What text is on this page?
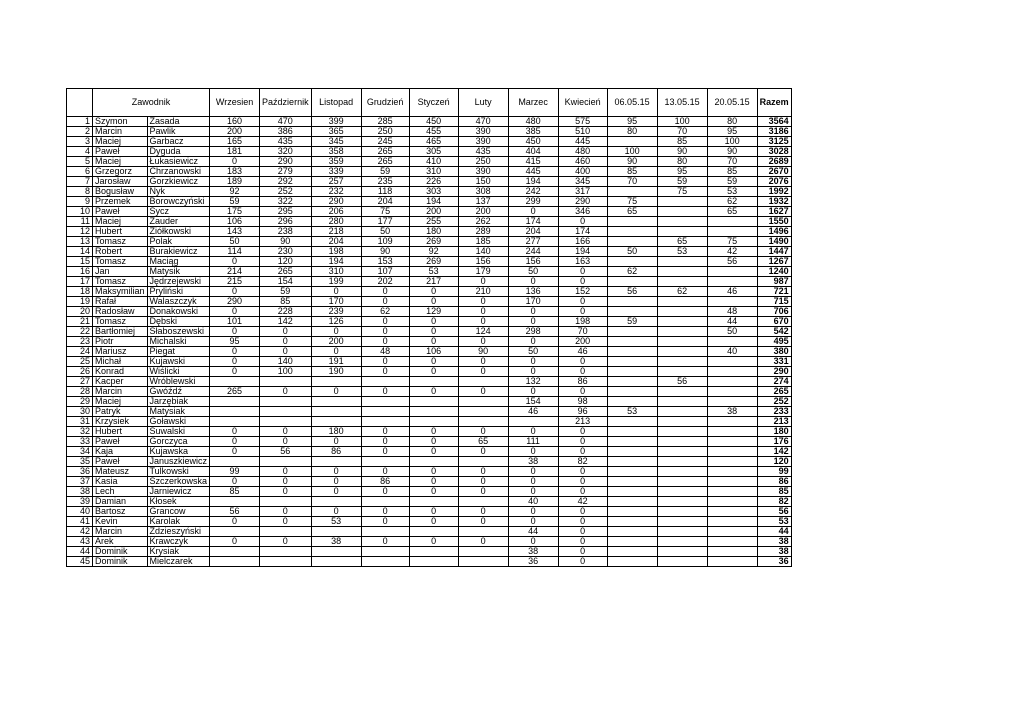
	Zawodnik		Wrzesien	Październik	Listopad	Grudzień	Styczeń	Luty	Marzec	Kwiecień	06.05.15	13.05.15	20.05.15	Razem
1	Szymon	Zasada	160	470	399	285	450	470	480	575	95	100	80	3564
2	Marcin	Pawlik	200	386	365	250	455	390	385	510	80	70	95	3186
3	Maciej	Garbacz	165	435	345	245	465	390	450	445		85	100	3125
4	Paweł	Dyguda	181	320	358	265	305	435	404	480	100	90	90	3028
5	Maciej	Łukasiewicz	0	290	359	265	410	250	415	460	90	80	70	2689
6	Grzegorz	Chrzanowski	183	279	339	59	310	390	445	400	85	95	85	2670
7	Jarosław	Gorzkiewicz	189	292	257	235	226	150	194	345	70	59	59	2076
8	Bogusław	Nyk	92	252	232	118	303	308	242	317		75	53	1992
9	Przemek	Borowczyński	59	322	290	204	194	137	299	290	75		62	1932
10	Paweł	Sycz	175	295	206	75	200	200	0	346	65		65	1627
11	Maciej	Zauder	106	296	280	177	255	262	174	0				1550
12	Hubert	Ziółkowski	143	238	218	50	180	289	204	174				1496
13	Tomasz	Polak	50	90	204	109	269	185	277	166		65	75	1490
14	Robert	Burakiewicz	114	230	198	90	92	140	244	194	50	53	42	1447
15	Tomasz	Maciąg	0	120	194	153	269	156	156	163			56	1267
16	Jan	Matysik	214	265	310	107	53	179	50	0	62			1240
17	Tomasz	Jędrzejewski	215	154	199	202	217	0	0	0				987
18	Maksymilian	Pryliński	0	59	0	0	0	210	136	152	56	62	46	721
19	Rafał	Walaszczyk	290	85	170	0	0	0	170	0				715
20	Radosław	Donakowski	0	228	239	62	129	0	0	0			48	706
21	Tomasz	Dębski	101	142	126	0	0	0	0	198	59		44	670
22	Bartłomiej	Słaboszewski	0	0	0	0	0	124	298	70			50	542
23	Piotr	Michalski	95	0	200	0	0	0	0	200				495
24	Mariusz	Piegat	0	0	0	48	106	90	50	46			40	380
25	Michał	Kujawski	0	140	191	0	0	0	0	0				331
26	Konrad	Wiślicki	0	100	190	0	0	0	0	0				290
27	Kacper	Wróblewski							132	86		56		274
28	Marcin	Gwóźdź	265	0	0	0	0	0	0	0				265
29	Maciej	Jarzębiak							154	98				252
30	Patryk	Matysiak							46	96	53		38	233
31	Krzysiek	Goławski								213				213
32	Hubert	Suwalski	0	0	180	0	0	0	0	0				180
33	Paweł	Gorczyca	0	0	0	0	0	65	111	0				176
34	Kaja	Kujawska	0	56	86	0	0	0	0	0				142
35	Paweł	Januszkiewicz							38	82				120
36	Mateusz	Tulkowski	99	0	0	0	0	0	0	0				99
37	Kasia	Szczerkowska	0	0	0	86	0	0	0	0				86
38	Lech	Jarniewicz	85	0	0	0	0	0	0	0				85
39	Damian	Kłosek							40	42				82
40	Bartosz	Grancow	56	0	0	0	0	0	0	0				56
41	Kevin	Karolak	0	0	53	0	0	0	0	0				53
42	Marcin	Zdzieszyński							44	0				44
43	Arek	Krawczyk	0	0	38	0	0	0	0	0				38
44	Dominik	Krysiak							38	0				38
45	Dominik	Mielczarek							36	0				36
